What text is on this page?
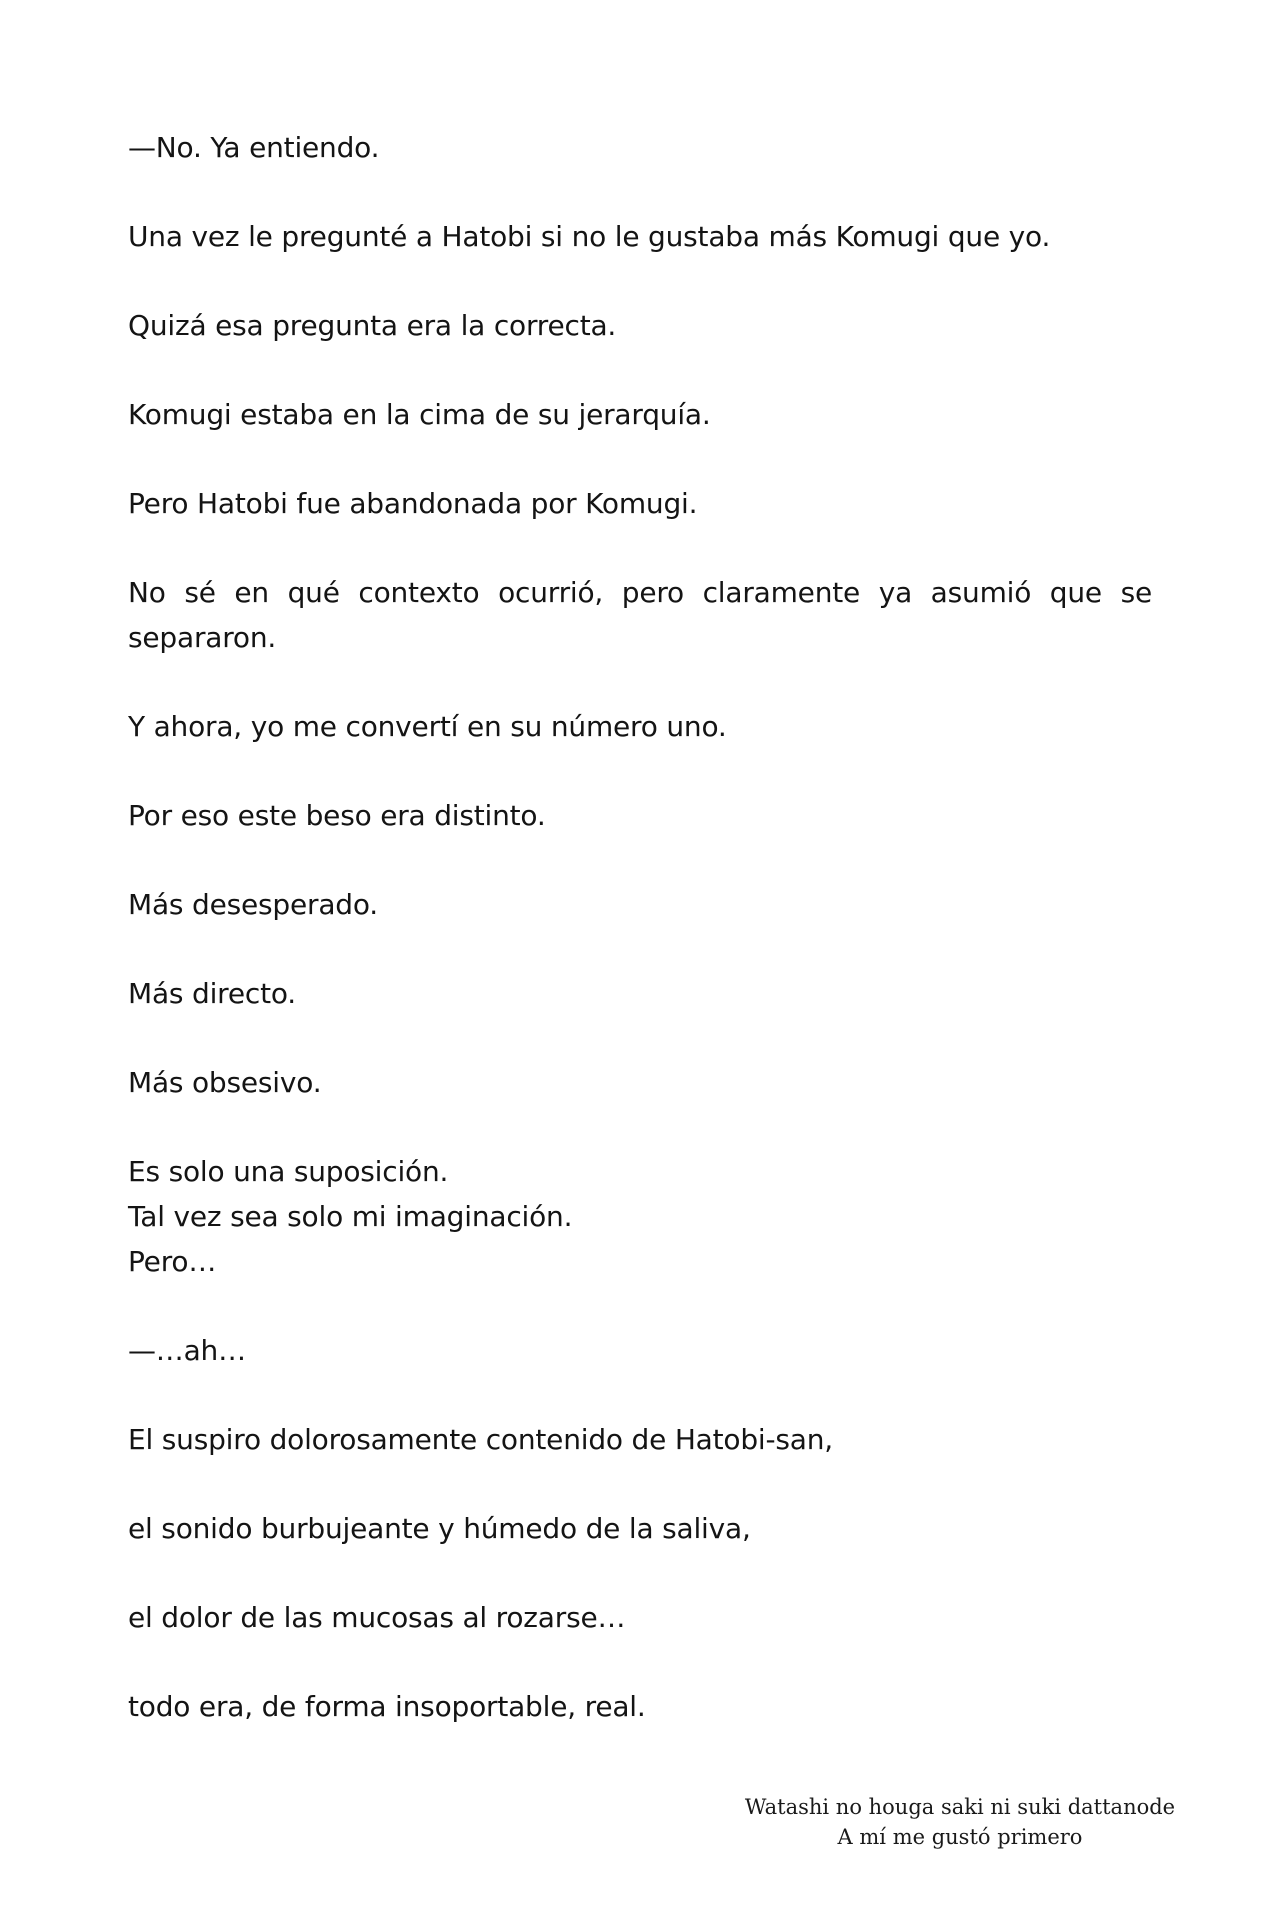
—No. Ya entiendo.

Una vez le pregunté a Hatobi si no le gustaba más Komugi que yo.

Quizá esa pregunta era la correcta.

Komugi estaba en la cima de su jerarquía.

Pero Hatobi fue abandonada por Komugi.

No sé en qué contexto ocurrió, pero claramente ya asumió que se separaron.

Y ahora, yo me convertí en su número uno.

Por eso este beso era distinto.

Más desesperado.

Más directo.

Más obsesivo.

Es solo una suposición.
Tal vez sea solo mi imaginación.
Pero…

—…ah…

El suspiro dolorosamente contenido de Hatobi-san,

el sonido burbujeante y húmedo de la saliva,

el dolor de las mucosas al rozarse…

todo era, de forma insoportable, real.

Watashi no houga saki ni suki dattanode
A mí me gustó primero
